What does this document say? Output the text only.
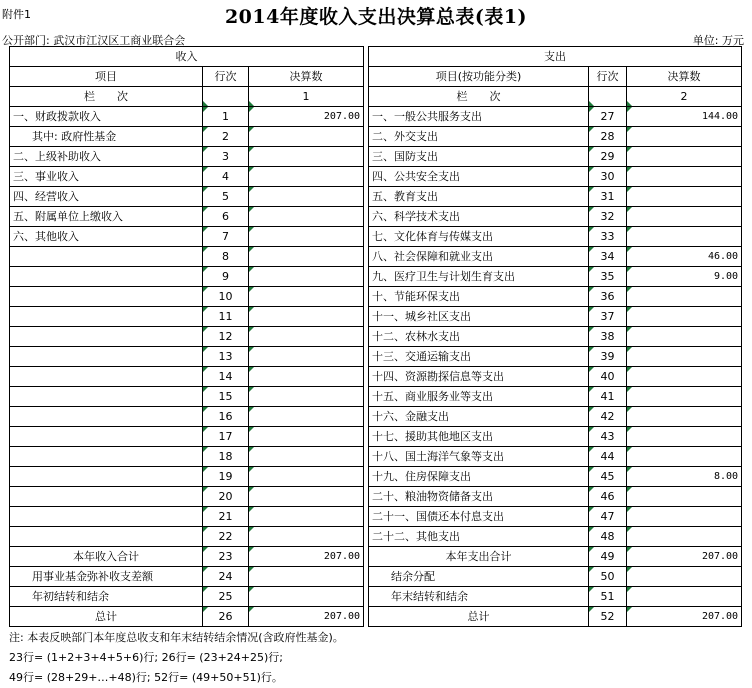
附件1	2014年度收入支出决算总表(表1)
公开部门: 武汉市江汉区工商业联合会	单位: 万元
收入				支出		
项目	行次	决算数		项目(按功能分类)	行次	决算数
栏　　次		1		栏　　次		2
一、财政拨款收入	1	207.00		一、一般公共服务支出	27	144.00
其中: 政府性基金	2			二、外交支出	28	
二、上级补助收入	3			三、国防支出	29	
三、事业收入	4			四、公共安全支出	30	
四、经营收入	5			五、教育支出	31	
五、附属单位上缴收入	6			六、科学技术支出	32	
六、其他收入	7			七、文化体育与传媒支出	33	
	8			八、社会保障和就业支出	34	46.00
	9			九、医疗卫生与计划生育支出	35	9.00
	10			十、节能环保支出	36	
	11			十一、城乡社区支出	37	
	12			十二、农林水支出	38	
	13			十三、交通运输支出	39	
	14			十四、资源勘探信息等支出	40	
	15			十五、商业服务业等支出	41	
	16			十六、金融支出	42	
	17			十七、援助其他地区支出	43	
	18			十八、国土海洋气象等支出	44	
	19			十九、住房保障支出	45	8.00
	20			二十、粮油物资储备支出	46	
	21			二十一、国债还本付息支出	47	
	22			二十二、其他支出	48	
本年收入合计	23	207.00		本年支出合计	49	207.00
用事业基金弥补收支差额	24			结余分配	50	
年初结转和结余	25			年末结转和结余	51	
总计	26	207.00		总计	52	207.00
注: 本表反映部门本年度总收支和年末结转结余情况(含政府性基金)。
23行= (1+2+3+4+5+6)行; 26行= (23+24+25)行;
49行= (28+29+…+48)行; 52行= (49+50+51)行。
